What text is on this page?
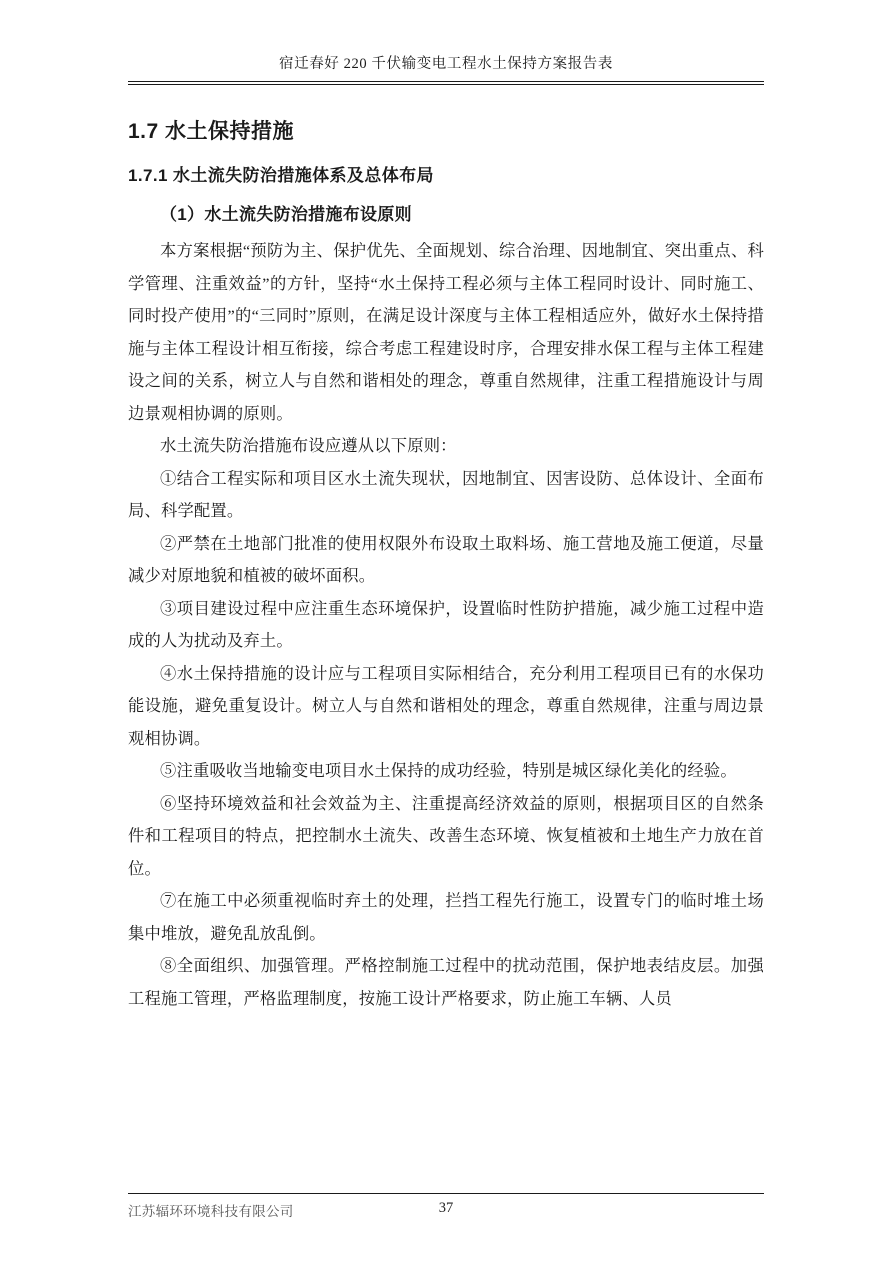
宿迁春好 220 千伏输变电工程水土保持方案报告表
1.7 水土保持措施
1.7.1 水土流失防治措施体系及总体布局
（1）水土流失防治措施布设原则

本方案根据“预防为主、保护优先、全面规划、综合治理、因地制宜、突出重点、科学管理、注重效益”的方针，坚持“水土保持工程必须与主体工程同时设计、同时施工、同时投产使用”的“三同时”原则，在满足设计深度与主体工程相适应外，做好水土保持措施与主体工程设计相互衔接，综合考虑工程建设时序，合理安排水保工程与主体工程建设之间的关系，树立人与自然和谐相处的理念，尊重自然规律，注重工程措施设计与周边景观相协调的原则。

水土流失防治措施布设应遵从以下原则：

①结合工程实际和项目区水土流失现状，因地制宜、因害设防、总体设计、全面布局、科学配置。

②严禁在土地部门批准的使用权限外布设取土取料场、施工营地及施工便道，尽量减少对原地貌和植被的破坏面积。

③项目建设过程中应注重生态环境保护，设置临时性防护措施，减少施工过程中造成的人为扰动及弃土。

④水土保持措施的设计应与工程项目实际相结合，充分利用工程项目已有的水保功能设施，避免重复设计。树立人与自然和谐相处的理念，尊重自然规律，注重与周边景观相协调。

⑤注重吸收当地输变电项目水土保持的成功经验，特别是城区绿化美化的经验。

⑥坚持环境效益和社会效益为主、注重提高经济效益的原则，根据项目区的自然条件和工程项目的特点，把控制水土流失、改善生态环境、恢复植被和土地生产力放在首位。

⑦在施工中必须重视临时弃土的处理，拦挡工程先行施工，设置专门的临时堆土场集中堆放，避免乱放乱倒。

⑧全面组织、加强管理。严格控制施工过程中的扰动范围，保护地表结皮层。加强工程施工管理，严格监理制度，按施工设计严格要求，防止施工车辆、人员

江苏辐环环境科技有限公司	37
